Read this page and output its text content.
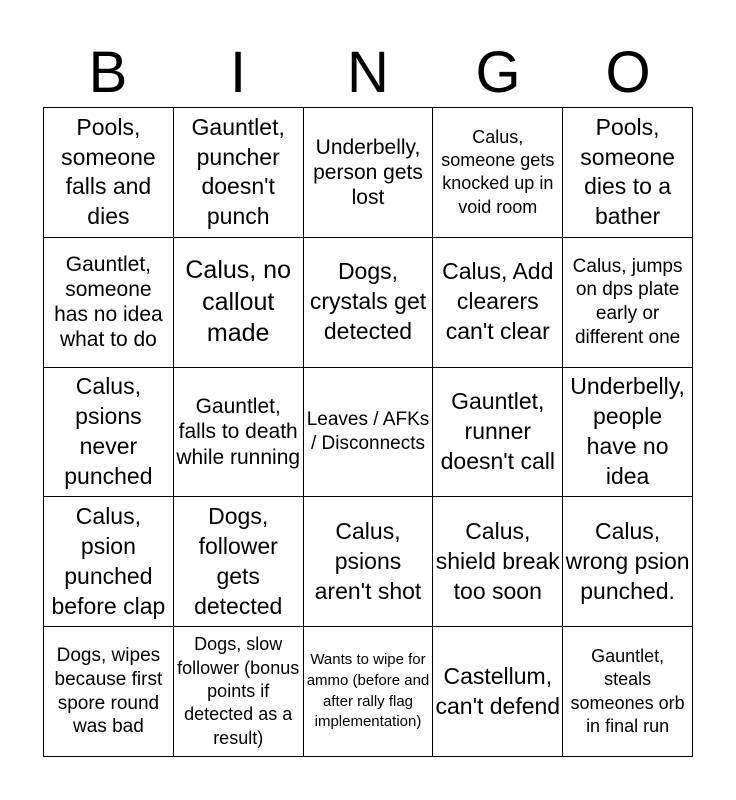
B	I	N	G	O
Pools, someone falls and dies
Gauntlet, puncher doesn't punch
Underbelly, person gets lost
Calus, someone gets knocked up in void room
Pools, someone dies to a bather
Gauntlet, someone has no idea what to do
Calus, no callout made
Dogs, crystals get detected
Calus, Add clearers can't clear
Calus, jumps on dps plate early or different one
Calus, psions never punched
Gauntlet, falls to death while running
Leaves / AFKs / Disconnects
Gauntlet, runner doesn't call
Underbelly, people have no idea
Calus, psion punched before clap
Dogs, follower gets detected
Calus, psions aren't shot
Calus, shield break too soon
Calus, wrong psion punched.
Dogs, wipes because first spore round was bad
Dogs, slow follower (bonus points if detected as a result)
Wants to wipe for ammo (before and after rally flag implementation)
Castellum, can't defend
Gauntlet, steals someones orb in final run
